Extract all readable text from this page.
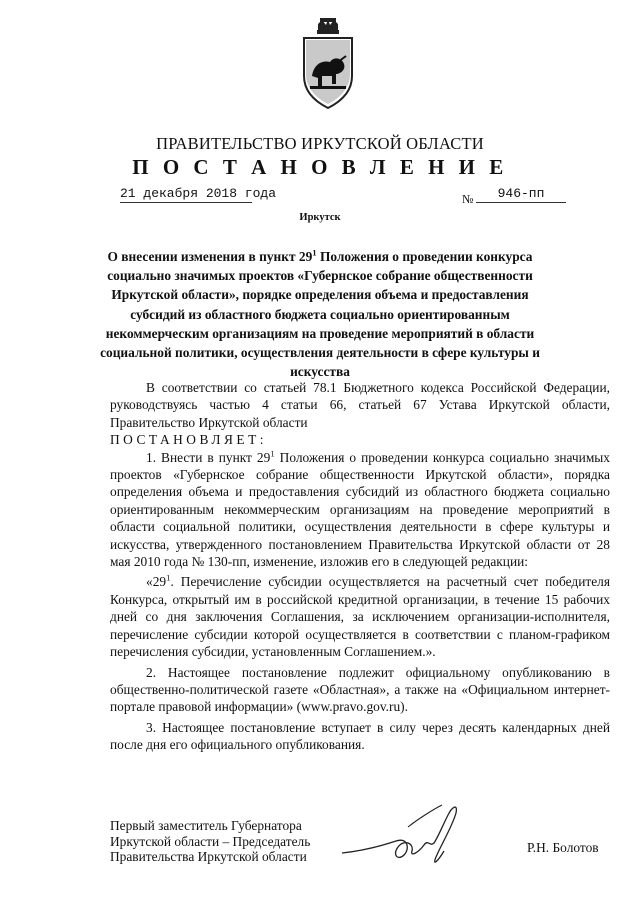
ПРАВИТЕЛЬСТВО ИРКУТСКОЙ ОБЛАСТИ
П О С Т А Н О В Л Е Н И Е
21 декабря 2018 года	№	946-пп
Иркутск
О внесении изменения в пункт $29^1$ Положения о проведении конкурса социально значимых проектов «Губернское собрание общественности Иркутской области», порядке определения объема и предоставления субсидий из областного бюджета социально ориентированным некоммерческим организациям на проведение мероприятий в области социальной политики, осуществления деятельности в сфере культуры и искусства

В соответствии со статьей 78.1 Бюджетного кодекса Российской Федерации, руководствуясь частью 4 статьи 66, статьей 67 Устава Иркутской области, Правительство Иркутской области

ПОСТАНОВЛЯЕТ:

1. Внести в пункт $29^1$ Положения о проведении конкурса социально значимых проектов «Губернское собрание общественности Иркутской области», порядка определения объема и предоставления субсидий из областного бюджета социально ориентированным некоммерческим организациям на проведение мероприятий в области социальной политики, осуществления деятельности в сфере культуры и искусства, утвержденного постановлением Правительства Иркутской области от 28 мая 2010 года № 130-пп, изменение, изложив его в следующей редакции:

«$29^1$. Перечисление субсидии осуществляется на расчетный счет победителя Конкурса, открытый им в российской кредитной организации, в течение 15 рабочих дней со дня заключения Соглашения, за исключением организации-исполнителя, перечисление субсидии которой осуществляется в соответствии с планом-графиком перечисления субсидии, установленным Соглашением.».

2. Настоящее постановление подлежит официальному опубликованию в общественно-политической газете «Областная», а также на «Официальном интернет-портале правовой информации» (www.pravo.gov.ru).

3. Настоящее постановление вступает в силу через десять календарных дней после дня его официального опубликования.

Первый заместитель Губернатора
Иркутской области – Председатель
Правительства Иркутской области
Р.Н. Болотов
